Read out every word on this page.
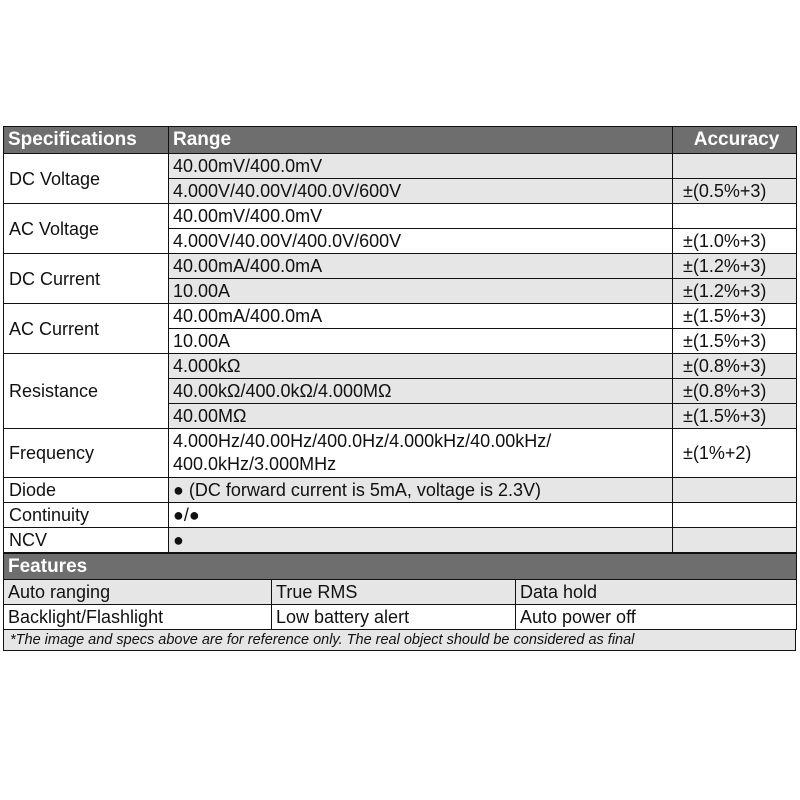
Specifications	Range	Accuracy
DC Voltage	40.00mV/400.0mV	
	4.000V/40.00V/400.0V/600V	±(0.5%+3)
AC Voltage	40.00mV/400.0mV	
	4.000V/40.00V/400.0V/600V	±(1.0%+3)
DC Current	40.00mA/400.0mA	±(1.2%+3)
	10.00A	±(1.2%+3)
AC Current	40.00mA/400.0mA	±(1.5%+3)
	10.00A	±(1.5%+3)
Resistance	4.000kΩ	±(0.8%+3)
	40.00kΩ/400.0kΩ/4.000MΩ	±(0.8%+3)
	40.00MΩ	±(1.5%+3)
Frequency	4.000Hz/40.00Hz/400.0Hz/4.000kHz/40.00kHz/
400.0kHz/3.000MHz	±(1%+2)
Diode	● (DC forward current is 5mA, voltage is 2.3V)	
Continuity	●/●	
NCV	●	
Features		
Auto ranging	True RMS	Data hold
Backlight/Flashlight	Low battery alert	Auto power off
*The image and specs above are for reference only. The real object should be considered as final
